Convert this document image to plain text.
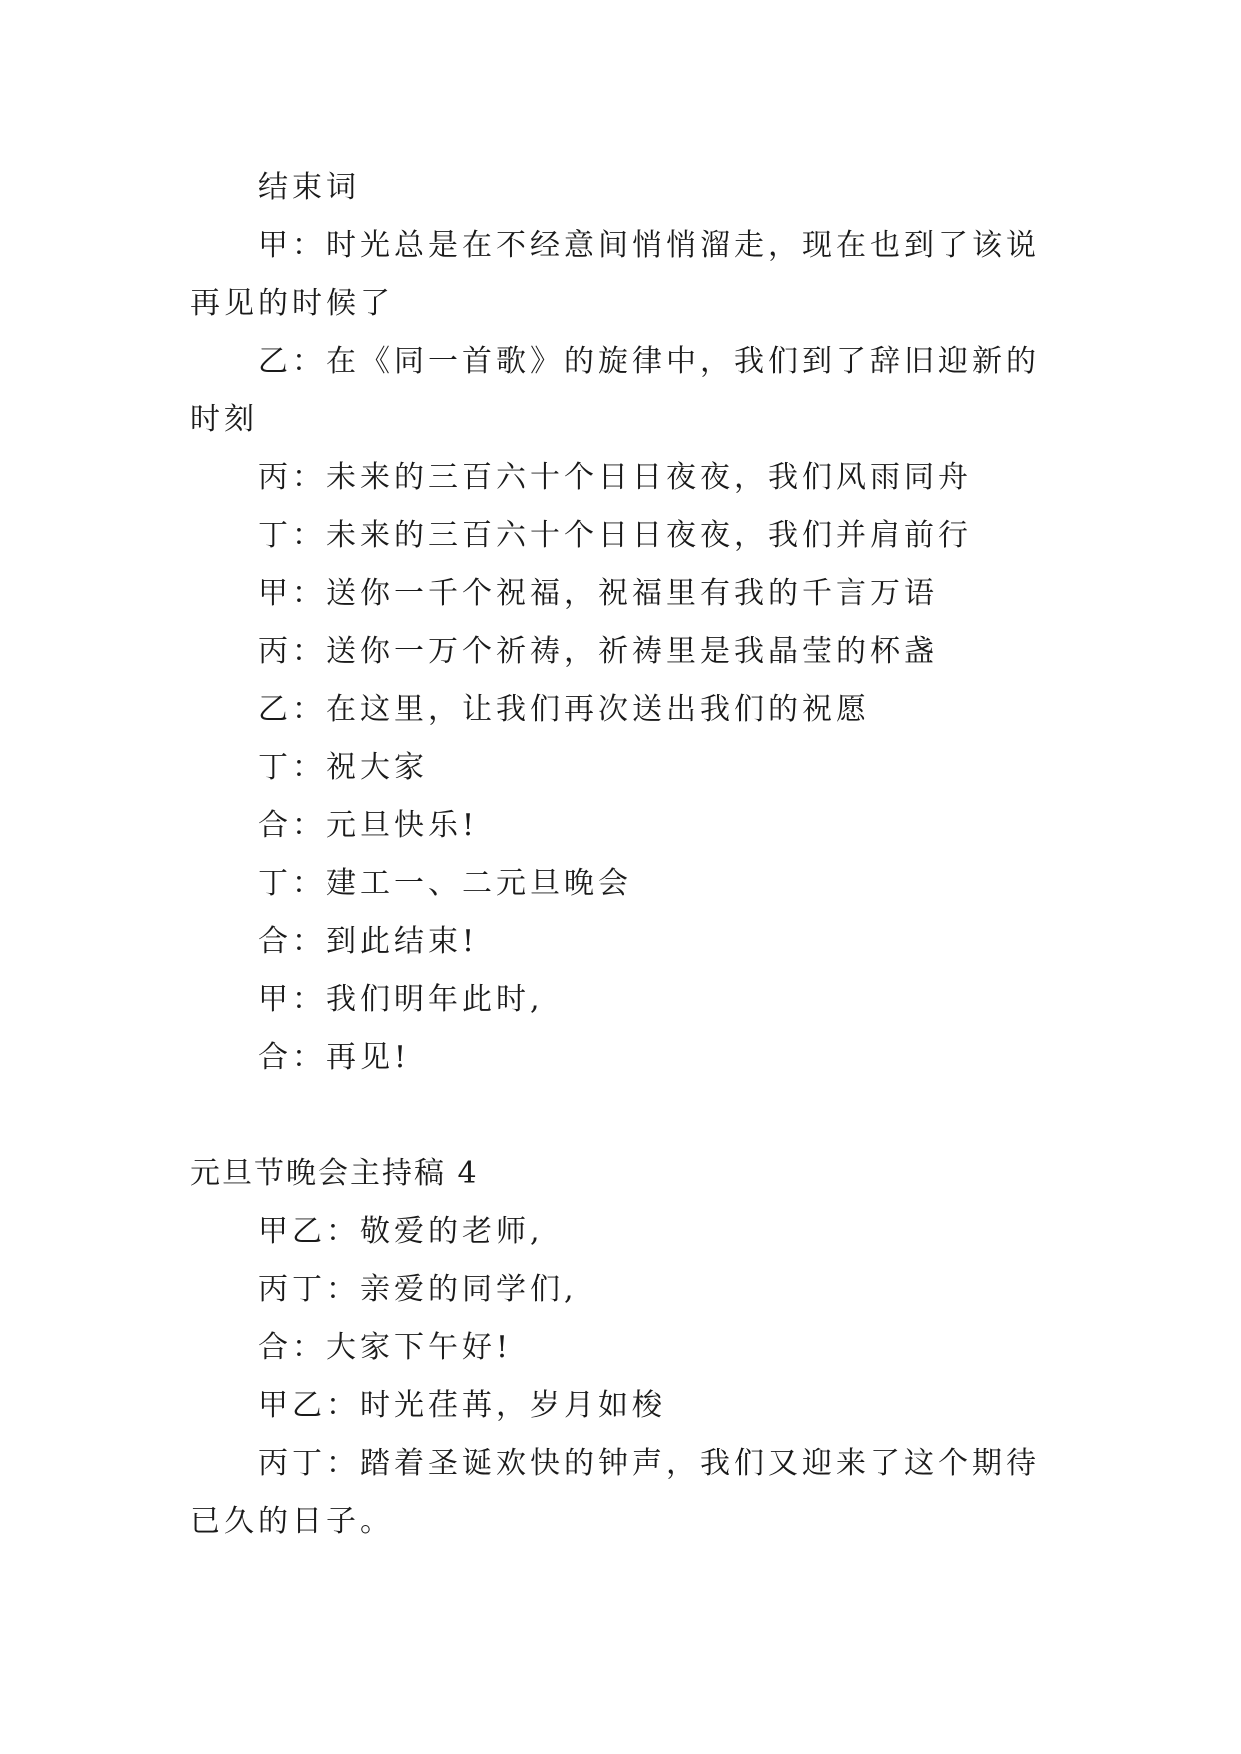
结束词

甲：时光总是在不经意间悄悄溜走，现在也到了该说再见的时候了

乙：在《同一首歌》的旋律中，我们到了辞旧迎新的时刻

丙：未来的三百六十个日日夜夜，我们风雨同舟

丁：未来的三百六十个日日夜夜，我们并肩前行

甲：送你一千个祝福，祝福里有我的千言万语

丙：送你一万个祈祷，祈祷里是我晶莹的杯盏

乙：在这里，让我们再次送出我们的祝愿

丁：祝大家

合：元旦快乐!

丁：建工一、二元旦晚会

合：到此结束!

甲：我们明年此时,

合：再见!

元旦节晚会主持稿 4

甲乙：敬爱的老师,

丙丁：亲爱的同学们,

合：大家下午好!

甲乙：时光荏苒，岁月如梭

丙丁：踏着圣诞欢快的钟声，我们又迎来了这个期待已久的日子。
